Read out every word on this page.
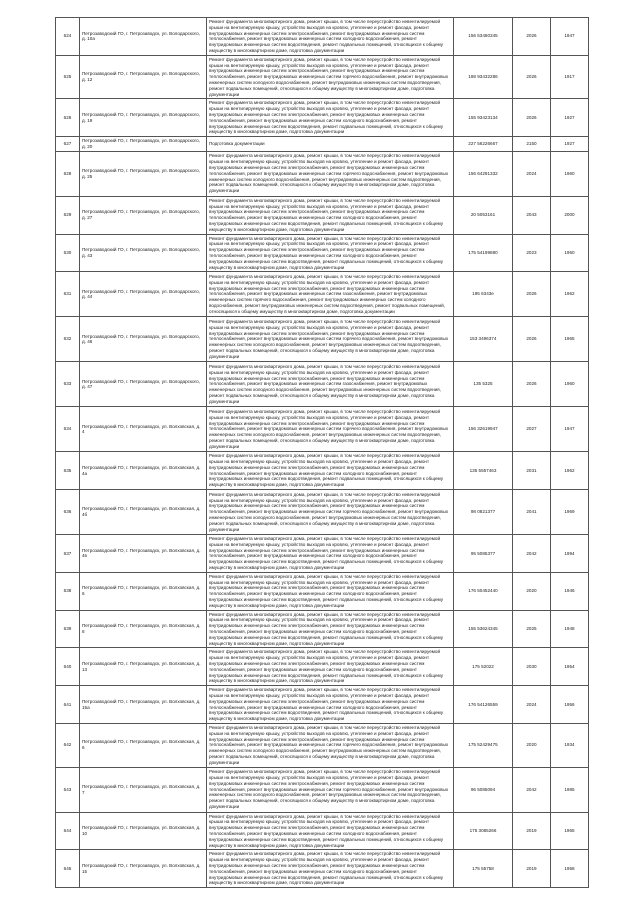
624	Петрозаводский ГО, г. Петрозаводск, ул. Володарского, д. 10а	Ремонт фундамента многоквартирного дома, ремонт крыши, в том числе переустройство невентилируемой крыши на вентилируемую крышу, устройство выходов на кровлю, утепление и ремонт фасада, ремонт внутридомовых инженерных систем электроснабжения, ремонт внутридомовых инженерных систем теплоснабжения, ремонт внутридомовых инженерных систем холодного водоснабжения, ремонт внутридомовых инженерных систем водоотведения, ремонт подвальных помещений, относящихся к общему имуществу в многоквартирном доме, подготовка документации	156 53460345	2026	1947
625	Петрозаводский ГО, г. Петрозаводск, ул. Володарского, д. 12	Ремонт фундамента многоквартирного дома, ремонт крыши, в том числе переустройство невентилируемой крыши на вентилируемую крышу, устройство выходов на кровлю, утепление и ремонт фасада, ремонт внутридомовых инженерных систем электроснабжения, ремонт внутридомовых инженерных систем теплоснабжения, ремонт внутридомовых инженерных систем горячего водоснабжения, ремонт внутридомовых инженерных систем холодного водоснабжения, ремонт внутридомовых инженерных систем водоотведения, ремонт подвальных помещений, относящихся к общему имуществу в многоквартирном доме, подготовка документации	188 93432286	2026	1917
626	Петрозаводский ГО, г. Петрозаводск, ул. Володарского, д. 19	Ремонт фундамента многоквартирного дома, ремонт крыши, в том числе переустройство невентилируемой крыши на вентилируемую крышу, устройство выходов на кровлю, утепление и ремонт фасада, ремонт внутридомовых инженерных систем электроснабжения, ремонт внутридомовых инженерных систем теплоснабжения, ремонт внутридомовых инженерных систем холодного водоснабжения, ремонт внутридомовых инженерных систем водоотведения, ремонт подвальных помещений, относящихся к общему имуществу в многоквартирном доме, подготовка документации	155 93423134	2026	1927
627	Петрозаводский ГО, г. Петрозаводск, ул. Володарского, д. 20	Подготовка документации	227 56226667	2150	1927
628	Петрозаводский ГО, г. Петрозаводск, ул. Володарского, д. 25	Ремонт фундамента многоквартирного дома, ремонт крыши, в том числе переустройство невентилируемой крыши на вентилируемую крышу, устройство выходов на кровлю, утепление и ремонт фасада, ремонт внутридомовых инженерных систем электроснабжения, ремонт внутридомовых инженерных систем теплоснабжения, ремонт внутридомовых инженерных систем горячего водоснабжения, ремонт внутридомовых инженерных систем холодного водоснабжения, ремонт внутридомовых инженерных систем водоотведения, ремонт подвальных помещений, относящихся к общему имуществу в многоквартирном доме, подготовка документации	156 64291332	2024	1960
629	Петрозаводский ГО, г. Петрозаводск, ул. Володарского, д. 27	Ремонт фундамента многоквартирного дома, ремонт крыши, в том числе переустройство невентилируемой крыши на вентилируемую крышу, устройство выходов на кровлю, утепление и ремонт фасада, ремонт внутридомовых инженерных систем электроснабжения, ремонт внутридомовых инженерных систем теплоснабжения, ремонт внутридомовых инженерных систем холодного водоснабжения, ремонт внутридомовых инженерных систем водоотведения, ремонт подвальных помещений, относящихся к общему имуществу в многоквартирном доме, подготовка документации	20 5053161	2043	2000
630	Петрозаводский ГО, г. Петрозаводск, ул. Володарского, д. 43	Ремонт фундамента многоквартирного дома, ремонт крыши, в том числе переустройство невентилируемой крыши на вентилируемую крышу, устройство выходов на кровлю, утепление и ремонт фасада, ремонт внутридомовых инженерных систем электроснабжения, ремонт внутридомовых инженерных систем теплоснабжения, ремонт внутридомовых инженерных систем холодного водоснабжения, ремонт внутридомовых инженерных систем водоотведения, ремонт подвальных помещений, относящихся к общему имуществу в многоквартирном доме, подготовка документации	175 54199880	2023	1960
631	Петрозаводский ГО, г. Петрозаводск, ул. Володарского, д. 44	Ремонт фундамента многоквартирного дома, ремонт крыши, в том числе переустройство невентилируемой крыши на вентилируемую крышу, устройство выходов на кровлю, утепление и ремонт фасада, ремонт внутридомовых инженерных систем электроснабжения, ремонт внутридомовых инженерных систем теплоснабжения, ремонт внутридомовых инженерных систем газоснабжения, ремонт внутридомовых инженерных систем горячего водоснабжения, ремонт внутридомовых инженерных систем холодного водоснабжения, ремонт внутридомовых инженерных систем водоотведения, ремонт подвальных помещений, относящихся к общему имуществу в многоквартирном доме, подготовка документации	195 6343е	2026	1962
632	Петрозаводский ГО, г. Петрозаводск, ул. Володарского, д. 46	Ремонт фундамента многоквартирного дома, ремонт крыши, в том числе переустройство невентилируемой крыши на вентилируемую крышу, устройство выходов на кровлю, утепление и ремонт фасада, ремонт внутридомовых инженерных систем электроснабжения, ремонт внутридомовых инженерных систем теплоснабжения, ремонт внутридомовых инженерных систем горячего водоснабжения, ремонт внутридомовых инженерных систем холодного водоснабжения, ремонт внутридомовых инженерных систем водоотведения, ремонт подвальных помещений, относящихся к общему имуществу в многоквартирном доме, подготовка документации	153 3496374	2026	1965
633	Петрозаводский ГО, г. Петрозаводск, ул. Володарского, д. 47	Ремонт фундамента многоквартирного дома, ремонт крыши, в том числе переустройство невентилируемой крыши на вентилируемую крышу, устройство выходов на кровлю, утепление и ремонт фасада, ремонт внутридомовых инженерных систем электроснабжения, ремонт внутридомовых инженерных систем теплоснабжения, ремонт внутридомовых инженерных систем газоснабжения, ремонт внутридомовых инженерных систем холодного водоснабжения, ремонт внутридомовых инженерных систем водоотведения, ремонт подвальных помещений, относящихся к общему имуществу в многоквартирном доме, подготовка документации	135 5325	2026	1960
634	Петрозаводский ГО, г. Петрозаводск, ул. Волховская, д. 4	Ремонт фундамента многоквартирного дома, ремонт крыши, в том числе переустройство невентилируемой крыши на вентилируемую крышу, устройство выходов на кровлю, утепление и ремонт фасада, ремонт внутридомовых инженерных систем электроснабжения, ремонт внутридомовых инженерных систем теплоснабжения, ремонт внутридомовых инженерных систем горячего водоснабжения, ремонт внутридомовых инженерных систем холодного водоснабжения, ремонт внутридомовых инженерных систем водоотведения, ремонт подвальных помещений, относящихся к общему имуществу в многоквартирном доме, подготовка документации	156 32619947	2027	1947
635	Петрозаводский ГО, г. Петрозаводск, ул. Волховская, д. 4а	Ремонт фундамента многоквартирного дома, ремонт крыши, в том числе переустройство невентилируемой крыши на вентилируемую крышу, устройство выходов на кровлю, утепление и ремонт фасада, ремонт внутридомовых инженерных систем электроснабжения, ремонт внутридомовых инженерных систем теплоснабжения, ремонт внутридомовых инженерных систем холодного водоснабжения, ремонт внутридомовых инженерных систем водоотведения, ремонт подвальных помещений, относящихся к общему имуществу в многоквартирном доме, подготовка документации	135 5557463	2031	1962
636	Петрозаводский ГО, г. Петрозаводск, ул. Волховская, д. 4б	Ремонт фундамента многоквартирного дома, ремонт крыши, в том числе переустройство невентилируемой крыши на вентилируемую крышу, устройство выходов на кровлю, утепление и ремонт фасада, ремонт внутридомовых инженерных систем электроснабжения, ремонт внутридомовых инженерных систем теплоснабжения, ремонт внутридомовых инженерных систем горячего водоснабжения, ремонт внутридомовых инженерных систем холодного водоснабжения, ремонт внутридомовых инженерных систем водоотведения, ремонт подвальных помещений, относящихся к общему имуществу в многоквартирном доме, подготовка документации	98 0821377	2041	1969
637	Петрозаводский ГО, г. Петрозаводск, ул. Волховская, д. 4в	Ремонт фундамента многоквартирного дома, ремонт крыши, в том числе переустройство невентилируемой крыши на вентилируемую крышу, устройство выходов на кровлю, утепление и ремонт фасада, ремонт внутридомовых инженерных систем электроснабжения, ремонт внутридомовых инженерных систем теплоснабжения, ремонт внутридомовых инженерных систем холодного водоснабжения, ремонт внутридомовых инженерных систем водоотведения, ремонт подвальных помещений, относящихся к общему имуществу в многоквартирном доме, подготовка документации	95 5085377	2042	1994
638	Петрозаводский ГО, г. Петрозаводск, ул. Волховская, д. 6	Ремонт фундамента многоквартирного дома, ремонт крыши, в том числе переустройство невентилируемой крыши на вентилируемую крышу, устройство выходов на кровлю, утепление и ремонт фасада, ремонт внутридомовых инженерных систем электроснабжения, ремонт внутридомовых инженерных систем теплоснабжения, ремонт внутридомовых инженерных систем холодного водоснабжения, ремонт внутридомовых инженерных систем водоотведения, ремонт подвальных помещений, относящихся к общему имуществу в многоквартирном доме, подготовка документации	176 50452440	2020	1946
639	Петрозаводский ГО, г. Петрозаводск, ул. Волховская, д. 8	Ремонт фундамента многоквартирного дома, ремонт крыши, в том числе переустройство невентилируемой крыши на вентилируемую крышу, устройство выходов на кровлю, утепление и ремонт фасада, ремонт внутридомовых инженерных систем электроснабжения, ремонт внутридомовых инженерных систем теплоснабжения, ремонт внутридомовых инженерных систем холодного водоснабжения, ремонт внутридомовых инженерных систем водоотведения, ремонт подвальных помещений, относящихся к общему имуществу в многоквартирном доме, подготовка документации	155 53624345	2025	1948
640	Петрозаводский ГО, г. Петрозаводск, ул. Волховская, д. 13	Ремонт фундамента многоквартирного дома, ремонт крыши, в том числе переустройство невентилируемой крыши на вентилируемую крышу, устройство выходов на кровлю, утепление и ремонт фасада, ремонт внутридомовых инженерных систем электроснабжения, ремонт внутридомовых инженерных систем теплоснабжения, ремонт внутридомовых инженерных систем холодного водоснабжения, ремонт внутридомовых инженерных систем водоотведения, ремонт подвальных помещений, относящихся к общему имуществу в многоквартирном доме, подготовка документации	175 52022	2030	1954
641	Петрозаводский ГО, г. Петрозаводск, ул. Волховская, д. 15а	Ремонт фундамента многоквартирного дома, ремонт крыши, в том числе переустройство невентилируемой крыши на вентилируемую крышу, устройство выходов на кровлю, утепление и ремонт фасада, ремонт внутридомовых инженерных систем электроснабжения, ремонт внутридомовых инженерных систем теплоснабжения, ремонт внутридомовых инженерных систем холодного водоснабжения, ремонт внутридомовых инженерных систем водоотведения, ремонт подвальных помещений, относящихся к общему имуществу в многоквартирном доме, подготовка документации	176 54126559	2024	1956
642	Петрозаводский ГО, г. Петрозаводск, ул. Волховская, д. 6	Ремонт фундамента многоквартирного дома, ремонт крыши, в том числе переустройство невентилируемой крыши на вентилируемую крышу, устройство выходов на кровлю, утепление и ремонт фасада, ремонт внутридомовых инженерных систем электроснабжения, ремонт внутридомовых инженерных систем теплоснабжения, ремонт внутридомовых инженерных систем горячего водоснабжения, ремонт внутридомовых инженерных систем холодного водоснабжения, ремонт внутридомовых инженерных систем водоотведения, ремонт подвальных помещений, относящихся к общему имуществу в многоквартирном доме, подготовка документации	175 52429475	2020	1934
643	Петрозаводский ГО, г. Петрозаводск, ул. Волховская, д. 7	Ремонт фундамента многоквартирного дома, ремонт крыши, в том числе переустройство невентилируемой крыши на вентилируемую крышу, устройство выходов на кровлю, утепление и ремонт фасада, ремонт внутридомовых инженерных систем электроснабжения, ремонт внутридомовых инженерных систем теплоснабжения, ремонт внутридомовых инженерных систем горячего водоснабжения, ремонт внутридомовых инженерных систем холодного водоснабжения, ремонт внутридомовых инженерных систем водоотведения, ремонт подвальных помещений, относящихся к общему имуществу в многоквартирном доме, подготовка документации	96 5085094	2042	1985
644	Петрозаводский ГО, г. Петрозаводск, ул. Волховская, д. 10	Ремонт фундамента многоквартирного дома, ремонт крыши, в том числе переустройство невентилируемой крыши на вентилируемую крышу, устройство выходов на кровлю, утепление и ремонт фасада, ремонт внутридомовых инженерных систем электроснабжения, ремонт внутридомовых инженерных систем теплоснабжения, ремонт внутридомовых инженерных систем холодного водоснабжения, ремонт внутридомовых инженерных систем водоотведения, ремонт подвальных помещений, относящихся к общему имуществу в многоквартирном доме, подготовка документации	175 3085266	2019	1965
645	Петрозаводский ГО, г. Петрозаводск, ул. Волховская, д. 15	Ремонт фундамента многоквартирного дома, ремонт крыши, в том числе переустройство невентилируемой крыши на вентилируемую крышу, устройство выходов на кровлю, утепление и ремонт фасада, ремонт внутридомовых инженерных систем электроснабжения, ремонт внутридомовых инженерных систем теплоснабжения, ремонт внутридомовых инженерных систем холодного водоснабжения, ремонт внутридомовых инженерных систем водоотведения, ремонт подвальных помещений, относящихся к общему имуществу в многоквартирном доме, подготовка документации	175 55758	2019	1958
